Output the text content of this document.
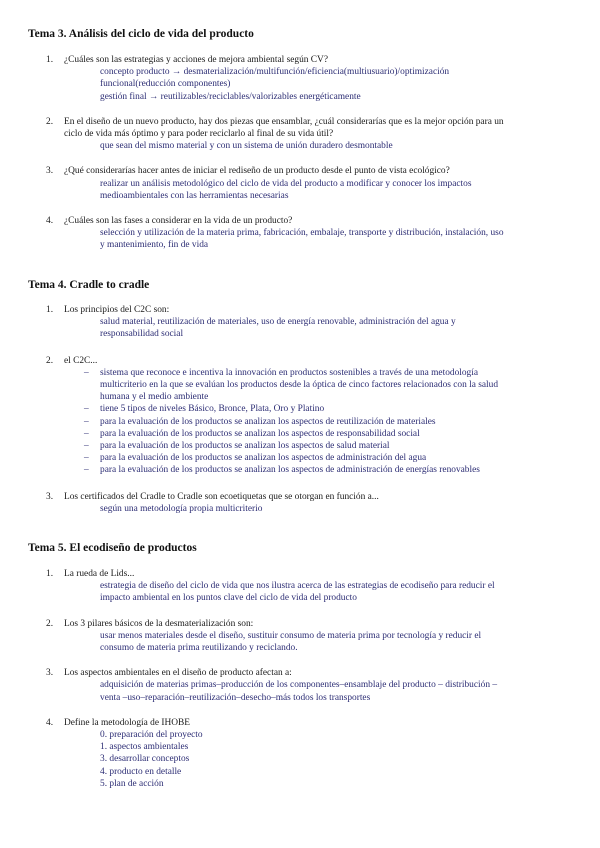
Tema 3. Análisis del ciclo de vida del producto
1. ¿Cuáles son las estrategias y acciones de mejora ambiental según CV?
concepto producto → desmaterialización/multifunción/eficiencia(multiusuario)/optimización
funcional(reducción componentes)
gestión final → reutilizables/reciclables/valorizables energéticamente
2. En el diseño de un nuevo producto, hay dos piezas que ensamblar, ¿cuál considerarías que es la mejor opción para un
ciclo de vida más óptimo y para poder reciclarlo al final de su vida útil?
que sean del mismo material y con un sistema de unión duradero desmontable
3. ¿Qué considerarías hacer antes de iniciar el rediseño de un producto desde el punto de vista ecológico?
realizar un análisis metodológico del ciclo de vida del producto a modificar y conocer los impactos
medioambientales con las herramientas necesarias
4. ¿Cuáles son las fases a considerar en la vida de un producto?
selección y utilización de la materia prima, fabricación, embalaje, transporte y distribución, instalación, uso
y mantenimiento, fin de vida
Tema 4. Cradle to cradle
1. Los principios del C2C son:
salud material, reutilización de materiales, uso de energía renovable, administración del agua y
responsabilidad social
2. el C2C...
– sistema que reconoce e incentiva la innovación en productos sostenibles a través de una metodología
multicriterio en la que se evalúan los productos desde la óptica de cinco factores relacionados con la salud
humana y el medio ambiente
– tiene 5 tipos de niveles Básico, Bronce, Plata, Oro y Platino
– para la evaluación de los productos se analizan los aspectos de reutilización de materiales
– para la evaluación de los productos se analizan los aspectos de responsabilidad social
– para la evaluación de los productos se analizan los aspectos de salud material
– para la evaluación de los productos se analizan los aspectos de administración del agua
– para la evaluación de los productos se analizan los aspectos de administración de energías renovables
3. Los certificados del Cradle to Cradle son ecoetiquetas que se otorgan en función a...
según una metodología propia multicriterio
Tema 5. El ecodiseño de productos
1. La rueda de Lids...
estrategia de diseño del ciclo de vida que nos ilustra acerca de las estrategias de ecodiseño para reducir el
impacto ambiental en los puntos clave del ciclo de vida del producto
2. Los 3 pilares básicos de la desmaterialización son:
usar menos materiales desde el diseño, sustituir consumo de materia prima por tecnología y reducir el
consumo de materia prima reutilizando y reciclando.
3. Los aspectos ambientales en el diseño de producto afectan a:
adquisición de materias primas–producción de los componentes–ensamblaje del producto – distribución –
venta –uso–reparación–reutilización–desecho–más todos los transportes
4. Define la metodología de IHOBE
0. preparación del proyecto
1. aspectos ambientales
3. desarrollar conceptos
4. producto en detalle
5. plan de acción
